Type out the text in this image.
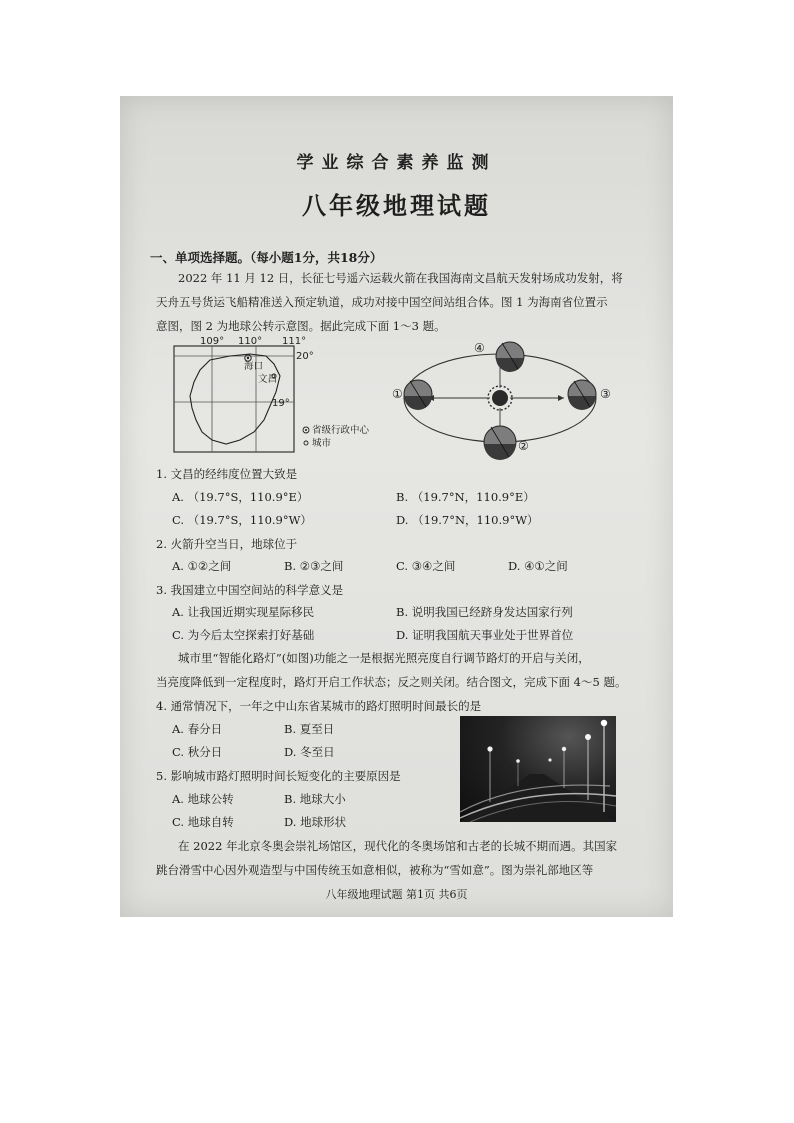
学业综合素养监测
八年级地理试题
一、单项选择题。（每小题1分，共18分）
2022 年 11 月 12 日，长征七号遥六运载火箭在我国海南文昌航天发射场成功发射，将
天舟五号货运飞船精准送入预定轨道，成功对接中国空间站组合体。图 1 为海南省位置示
意图，图 2 为地球公转示意图。据此完成下面 1～3 题。
109° 110° 111°
20°
19°
海口
文昌
省级行政中心
城市
①
②
③
④
1. 文昌的经纬度位置大致是
A. （19.7°S，110.9°E）	B. （19.7°N，110.9°E）
C. （19.7°S，110.9°W）	D. （19.7°N，110.9°W）
2. 火箭升空当日，地球位于
A. ①②之间	B. ②③之间	C. ③④之间	D. ④①之间
3. 我国建立中国空间站的科学意义是
A. 让我国近期实现星际移民	B. 说明我国已经跻身发达国家行列
C. 为今后太空探索打好基础	D. 证明我国航天事业处于世界首位
城市里“智能化路灯”(如图)功能之一是根据光照亮度自行调节路灯的开启与关闭，
当亮度降低到一定程度时，路灯开启工作状态；反之则关闭。结合图文，完成下面 4～5 题。
4. 通常情况下，一年之中山东省某城市的路灯照明时间最长的是
A. 春分日	B. 夏至日
C. 秋分日	D. 冬至日
5. 影响城市路灯照明时间长短变化的主要原因是
A. 地球公转	B. 地球大小
C. 地球自转	D. 地球形状
在 2022 年北京冬奥会崇礼场馆区，现代化的冬奥场馆和古老的长城不期而遇。其国家
跳台滑雪中心因外观造型与中国传统玉如意相似，被称为“雪如意”。图为崇礼部地区等
八年级地理试题 第1页 共6页
